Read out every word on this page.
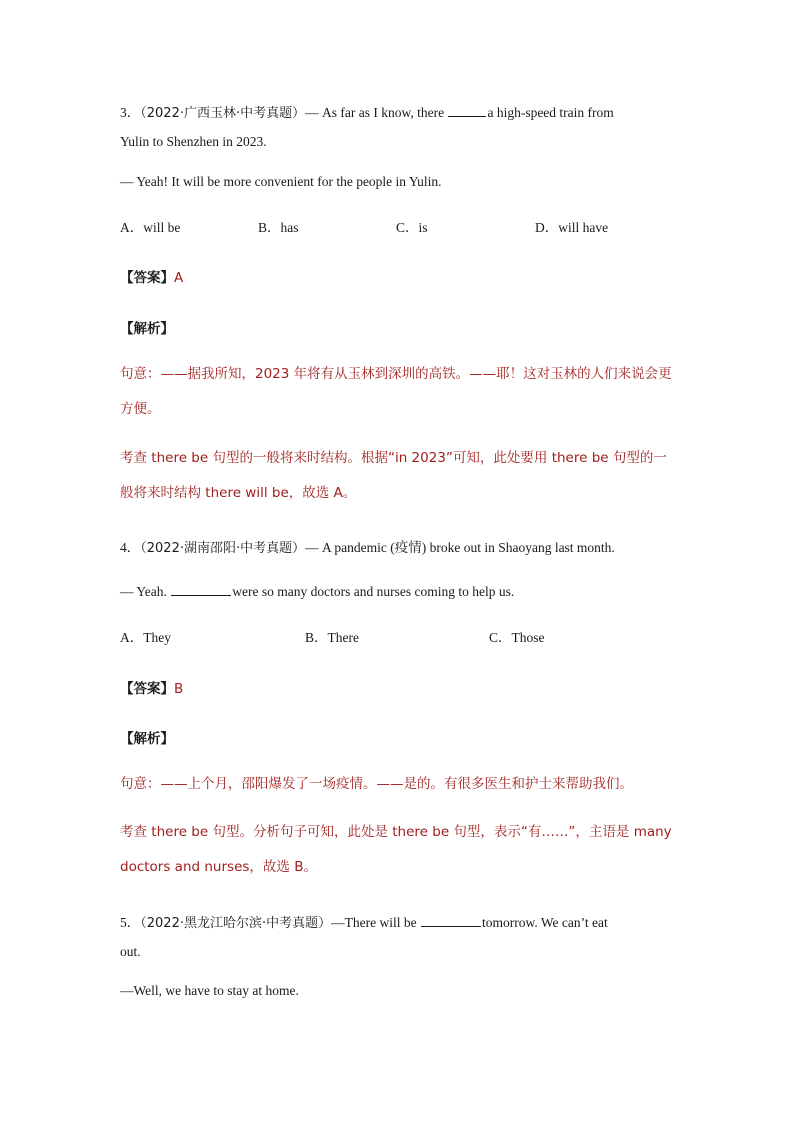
3．（2022·广西玉林·中考真题）— As far as I know, there	a high-speed train from
Yulin to Shenzhen in 2023.
— Yeah! It will be more convenient for the people in Yulin.
A．will be	B．has	C．is	D．will have
【答案】A
【解析】
句意：——据我所知，2023 年将有从玉林到深圳的高铁。——耶！这对玉林的人们来说会更方便。
考查 there be 句型的一般将来时结构。根据“in 2023”可知，此处要用 there be 句型的一般将来时结构 there will be，故选 A。
4．（2022·湖南邵阳·中考真题）— A pandemic (疫情) broke out in Shaoyang last month.
— Yeah.	were so many doctors and nurses coming to help us.
A．They	B．There	C．Those
【答案】B
【解析】
句意：——上个月，邵阳爆发了一场疫情。——是的。有很多医生和护士来帮助我们。
考查 there be 句型。分析句子可知，此处是 there be 句型，表示“有……”，主语是 many doctors and nurses，故选 B。
5．（2022·黑龙江哈尔滨·中考真题）—There will be	tomorrow. We can’t eat
out.
—Well, we have to stay at home.
